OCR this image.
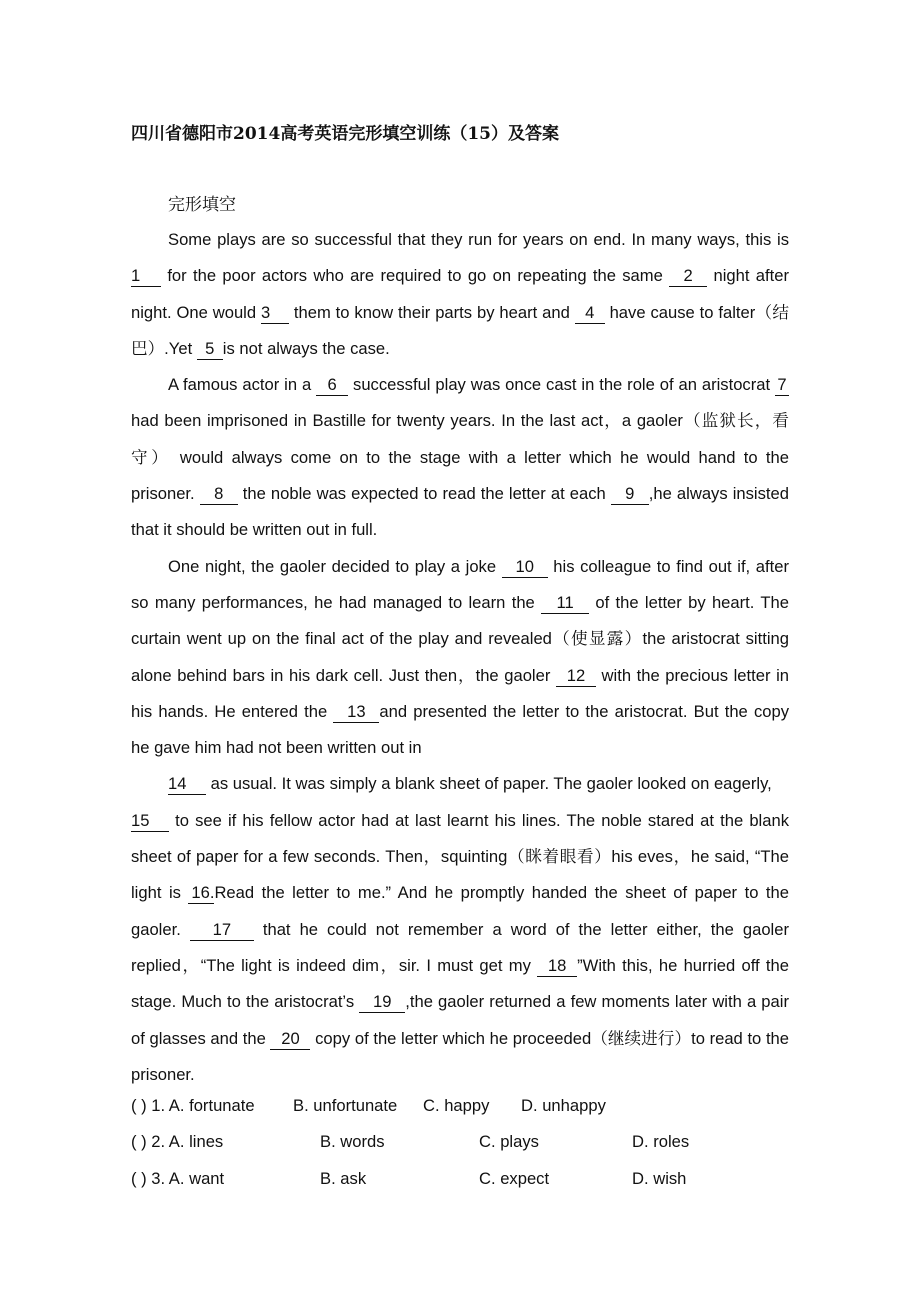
四川省德阳市2014高考英语完形填空训练（15）及答案
完形填空

Some plays are so successful that they run for years on end. In many ways, this is 1 for the poor actors who are required to go on repeating the same 2 night after night. One would 3 them to know their parts by heart and 4 have cause to falter（结巴）.Yet 5 is not always the case.

A famous actor in a 6 successful play was once cast in the role of an aristocrat 7 had been imprisoned in Bastille for twenty years. In the last act，a gaoler（监狱长，看守） would always come on to the stage with a letter which he would hand to the prisoner. 8 the noble was expected to read the letter at each 9 ,he always insisted that it should be written out in full.

One night, the gaoler decided to play a joke 10 his colleague to find out if, after so many performances, he had managed to learn the 11 of the letter by heart. The curtain went up on the final act of the play and revealed（使显露）the aristocrat sitting alone behind bars in his dark cell. Just then，the gaoler 12 with the precious letter in his hands. He entered the 13 and presented the letter to the aristocrat. But the copy he gave him had not been written out in

14 as usual. It was simply a blank sheet of paper. The gaoler looked on eagerly,

15 to see if his fellow actor had at last learnt his lines. The noble stared at the blank sheet of paper for a few seconds. Then，squinting（眯着眼看）his eves，he said, “The light is 16.Read the letter to me.” And he promptly handed the sheet of paper to the gaoler. 17 that he could not remember a word of the letter either, the gaoler replied，“The light is indeed dim，sir. I must get my 18 ”With this, he hurried off the stage. Much to the aristocrat’s 19 ,the gaoler returned a few moments later with a pair of glasses and the 20 copy of the letter which he proceeded（继续进行）to read to the prisoner.

( ) 1. A. fortunate B. unfortunate C. happy D. unhappy
( ) 2. A. lines	B. words	C. plays	D. roles
( ) 3. A. want	B. ask	C. expect	D. wish
